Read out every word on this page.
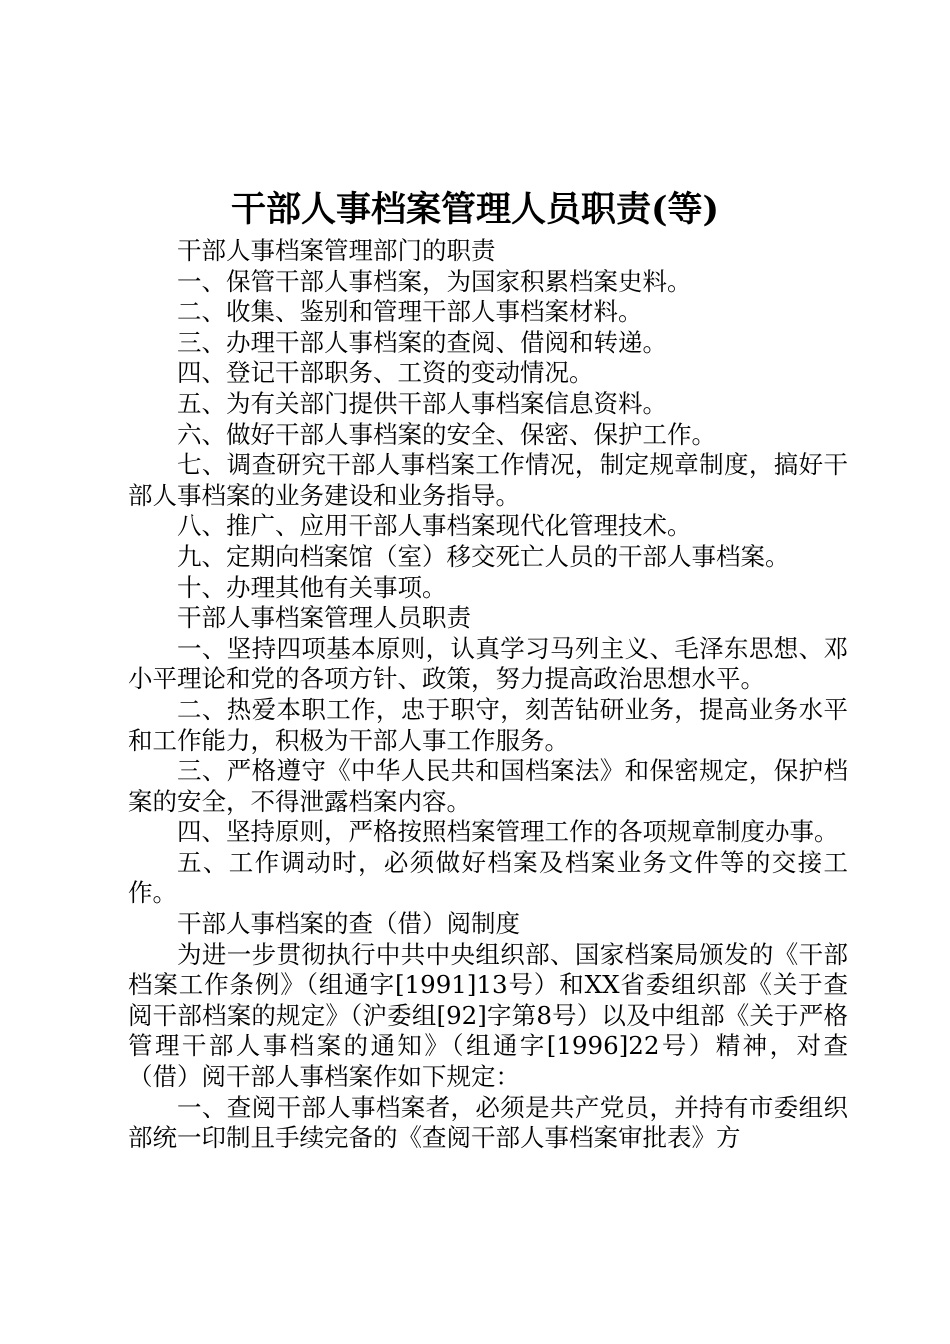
干部人事档案管理人员职责(等)

干部人事档案管理部门的职责

一、保管干部人事档案，为国家积累档案史料。

二、收集、鉴别和管理干部人事档案材料。

三、办理干部人事档案的查阅、借阅和转递。

四、登记干部职务、工资的变动情况。

五、为有关部门提供干部人事档案信息资料。

六、做好干部人事档案的安全、保密、保护工作。

七、调查研究干部人事档案工作情况，制定规章制度，搞好干部人事档案的业务建设和业务指导。

八、推广、应用干部人事档案现代化管理技术。

九、定期向档案馆（室）移交死亡人员的干部人事档案。

十、办理其他有关事项。

干部人事档案管理人员职责

一、坚持四项基本原则，认真学习马列主义、毛泽东思想、邓小平理论和党的各项方针、政策，努力提高政治思想水平。

二、热爱本职工作，忠于职守，刻苦钻研业务，提高业务水平和工作能力，积极为干部人事工作服务。

三、严格遵守《中华人民共和国档案法》和保密规定，保护档案的安全，不得泄露档案内容。

四、坚持原则，严格按照档案管理工作的各项规章制度办事。

五、工作调动时，必须做好档案及档案业务文件等的交接工作。

干部人事档案的查（借）阅制度

为进一步贯彻执行中共中央组织部、国家档案局颁发的《干部档案工作条例》（组通字[1991]13号）和XX省委组织部《关于查阅干部档案的规定》（沪委组[92]字第8号）以及中组部《关于严格管理干部人事档案的通知》（组通字[1996]22号）精神，对查（借）阅干部人事档案作如下规定：

一、查阅干部人事档案者，必须是共产党员，并持有市委组织部统一印制且手续完备的《查阅干部人事档案审批表》方
